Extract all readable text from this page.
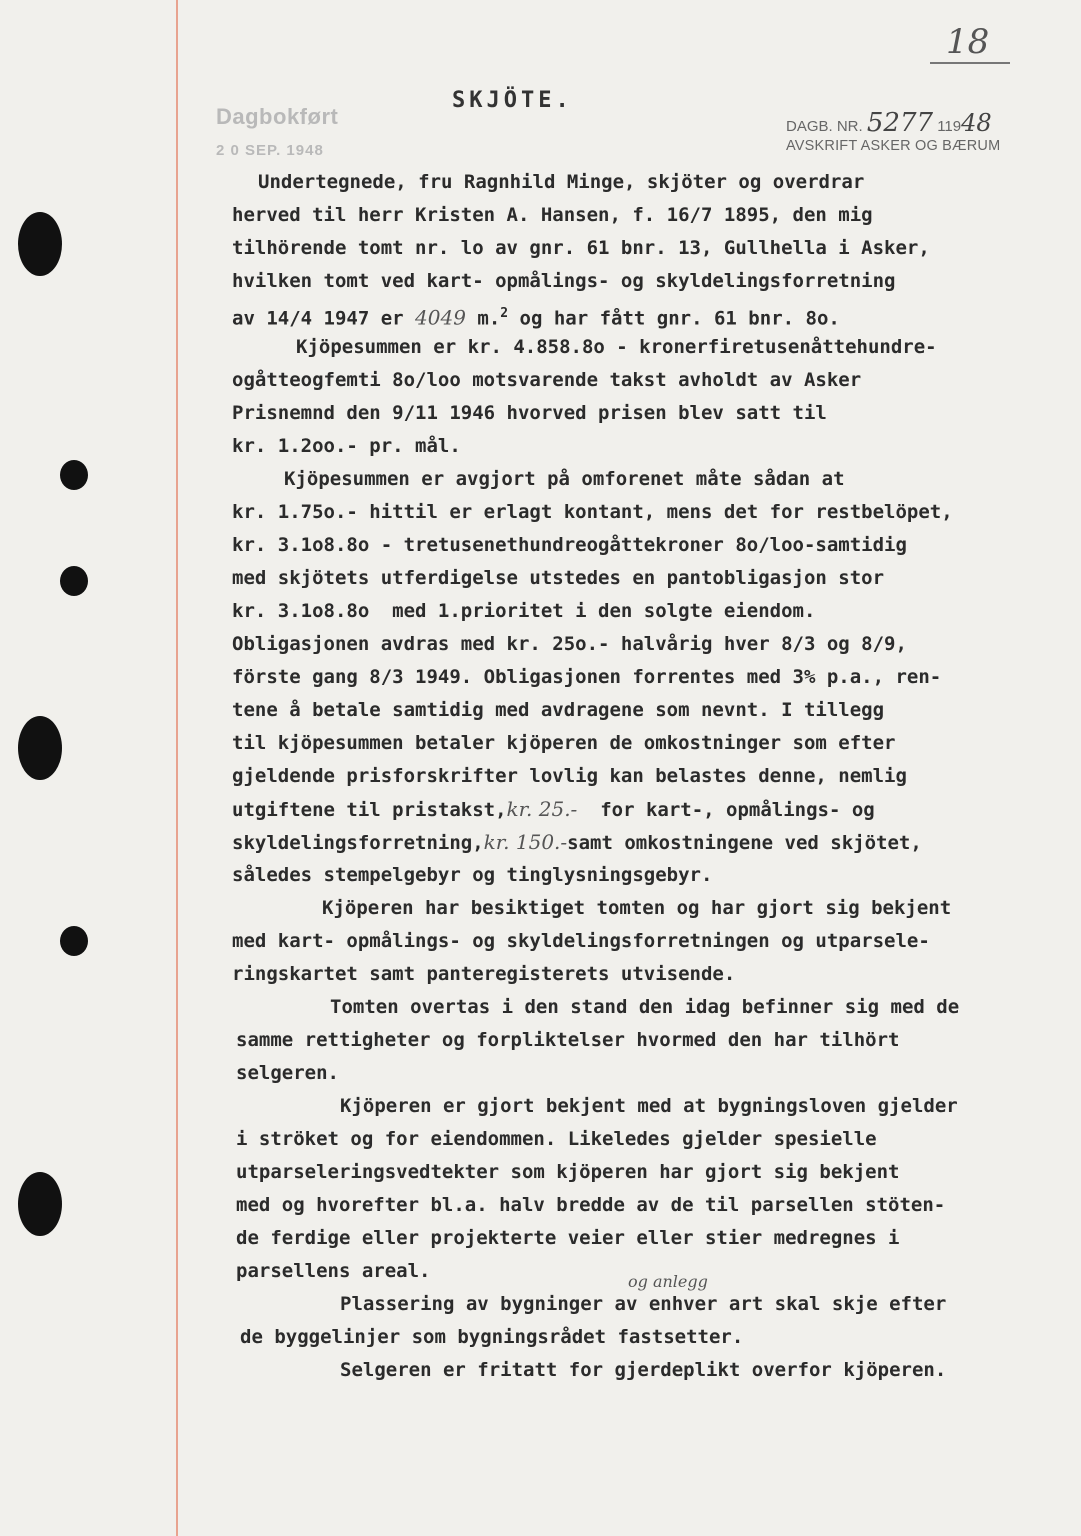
18
Dagbokført
2 0 SEP. 1948
SKJÖTE.
DAGB. NR. 5277 11948
AVSKRIFT ASKER OG BÆRUM
Undertegnede, fru Ragnhild Minge, skjöter og overdrar
herved til herr Kristen A. Hansen, f. 16/7 1895, den mig
tilhörende tomt nr. lo av gnr. 61 bnr. 13, Gullhella i Asker,
hvilken tomt ved kart- opmålings- og skyldelingsforretning
av 14/4 1947 er 4049 m.$^2$ og har fått gnr. 61 bnr. 8o.
Kjöpesummen er kr. 4.858.8o - kronerfiretusenåttehundre-
ogåtteogfemti 8o/loo motsvarende takst avholdt av Asker
Prisnemnd den 9/11 1946 hvorved prisen blev satt til
kr. 1.2oo.- pr. mål.
Kjöpesummen er avgjort på omforenet måte sådan at
kr. 1.75o.- hittil er erlagt kontant, mens det for restbelöpet,
kr. 3.1o8.8o - tretusenethundreogåttekroner 8o/loo-samtidig
med skjötets utferdigelse utstedes en pantobligasjon stor
kr. 3.1o8.8o  med 1.prioritet i den solgte eiendom.
Obligasjonen avdras med kr. 25o.- halvårig hver 8/3 og 8/9,
förste gang 8/3 1949. Obligasjonen forrentes med 3% p.a., ren-
tene å betale samtidig med avdragene som nevnt. I tillegg
til kjöpesummen betaler kjöperen de omkostninger som efter
gjeldende prisforskrifter lovlig kan belastes denne, nemlig
utgiftene til pristakst,kr. 25.-  for kart-, opmålings- og
skyldelingsforretning,kr. 150.-samt omkostningene ved skjötet,
således stempelgebyr og tinglysningsgebyr.
Kjöperen har besiktiget tomten og har gjort sig bekjent
med kart- opmålings- og skyldelingsforretningen og utparsele-
ringskartet samt panteregisterets utvisende.
Tomten overtas i den stand den idag befinner sig med de
samme rettigheter og forpliktelser hvormed den har tilhört
selgeren.
Kjöperen er gjort bekjent med at bygningsloven gjelder
i ströket og for eiendommen. Likeledes gjelder spesielle
utparseleringsvedtekter som kjöperen har gjort sig bekjent
med og hvorefter bl.a. halv bredde av de til parsellen stöten-
de ferdige eller projekterte veier eller stier medregnes i
parsellens areal.	og anlegg
Plassering av bygninger av enhver art skal skje efter
de byggelinjer som bygningsrådet fastsetter.
Selgeren er fritatt for gjerdeplikt overfor kjöperen.
